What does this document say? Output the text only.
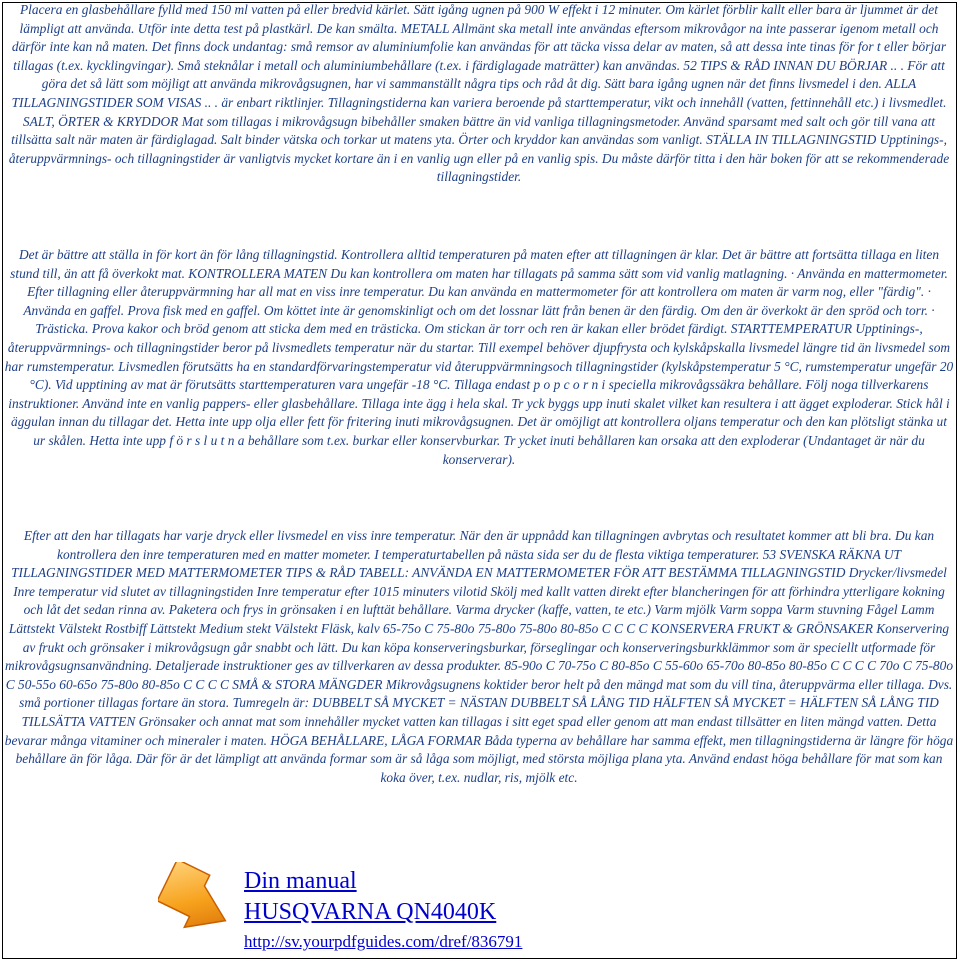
Placera en glasbehållare fylld med 150 ml vatten på eller bredvid kärlet. Sätt igång ugnen på 900 W effekt i 12 minuter. Om kärlet förblir kallt eller bara är ljummet är det lämpligt att använda. Utför inte detta test på plastkärl. De kan smälta. METALL Allmänt ska metall inte användas eftersom mikrovågor na inte passerar igenom metall och därför inte kan nå maten. Det finns dock undantag: små remsor av aluminiumfolie kan användas för att täcka vissa delar av maten, så att dessa inte tinas för for t eller börjar tillagas (t.ex. kycklingvingar). Små steknålar i metall och aluminiumbehållare (t.ex. i färdiglagade maträtter) kan användas. 52 TIPS & RÅD INNAN DU BÖRJAR .. . För att göra det så lätt som möjligt att använda mikrovågsugnen, har vi sammanställt några tips och råd åt dig. Sätt bara igång ugnen när det finns livsmedel i den. ALLA TILLAGNINGSTIDER SOM VISAS .. . är enbart riktlinjer. Tillagningstiderna kan variera beroende på starttemperatur, vikt och innehåll (vatten, fettinnehåll etc.) i livsmedlet. SALT, ÖRTER & KRYDDOR Mat som tillagas i mikrovågsugn bibehåller smaken bättre än vid vanliga tillagningsmetoder. Använd sparsamt med salt och gör till vana att tillsätta salt när maten är färdiglagad. Salt binder vätska och torkar ut matens yta. Örter och kryddor kan användas som vanligt. STÄLLA IN TILLAGNINGSTID Upptinings-, återuppvärmnings- och tillagningstider är vanligtvis mycket kortare än i en vanlig ugn eller på en vanlig spis. Du måste därför titta i den här boken för att se rekommenderade tillagningstider.

Det är bättre att ställa in för kort än för lång tillagningstid. Kontrollera alltid temperaturen på maten efter att tillagningen är klar. Det är bättre att fortsätta tillaga en liten stund till, än att få överkokt mat. KONTROLLERA MATEN Du kan kontrollera om maten har tillagats på samma sätt som vid vanlig matlagning. · Använda en mattermometer. Efter tillagning eller återuppvärmning har all mat en viss inre temperatur. Du kan använda en mattermometer för att kontrollera om maten är varm nog, eller "färdig". · Använda en gaffel. Prova fisk med en gaffel. Om köttet inte är genomskinligt och om det lossnar lätt från benen är den färdig. Om den är överkokt är den spröd och torr. · Trästicka. Prova kakor och bröd genom att sticka dem med en trästicka. Om stickan är torr och ren är kakan eller brödet färdigt. STARTTEMPERATUR Upptinings-, återuppvärmnings- och tillagningstider beror på livsmedlets temperatur när du startar. Till exempel behöver djupfrysta och kylskåpskalla livsmedel längre tid än livsmedel som har rumstemperatur. Livsmedlen förutsätts ha en standardförvaringstemperatur vid återuppvärmningsoch tillagningstider (kylskåpstemperatur 5 °C, rumstemperatur ungefär 20 °C). Vid upptining av mat är förutsätts starttemperaturen vara ungefär -18 °C. Tillaga endast p o p c o r n i speciella mikrovågssäkra behållare. Följ noga tillverkarens instruktioner. Använd inte en vanlig pappers- eller glasbehållare. Tillaga inte ägg i hela skal. Tr yck byggs upp inuti skalet vilket kan resultera i att ägget exploderar. Stick hål i äggulan innan du tillagar det. Hetta inte upp olja eller fett för fritering inuti mikrovågsugnen. Det är omöjligt att kontrollera oljans temperatur och den kan plötsligt stänka ut ur skålen. Hetta inte upp f ö r s l u t n a behållare som t.ex. burkar eller konservburkar. Tr ycket inuti behållaren kan orsaka att den exploderar (Undantaget är när du konserverar).

Efter att den har tillagats har varje dryck eller livsmedel en viss inre temperatur. När den är uppnådd kan tillagningen avbrytas och resultatet kommer att bli bra. Du kan kontrollera den inre temperaturen med en matter mometer. I temperaturtabellen på nästa sida ser du de flesta viktiga temperaturer. 53 SVENSKA RÄKNA UT TILLAGNINGSTIDER MED MATTERMOMETER TIPS & RÅD TABELL: ANVÄNDA EN MATTERMOMETER FÖR ATT BESTÄMMA TILLAGNINGSTID Drycker/livsmedel Inre temperatur vid slutet av tillagningstiden Inre temperatur efter 1015 minuters vilotid Skölj med kallt vatten direkt efter blancheringen för att förhindra ytterligare kokning och låt det sedan rinna av. Paketera och frys in grönsaken i en lufttät behållare. Varma drycker (kaffe, vatten, te etc.) Varm mjölk Varm soppa Varm stuvning Fågel Lamm Lättstekt Välstekt Rostbiff Lättstekt Medium stekt Välstekt Fläsk, kalv 65-75o C 75-80o 75-80o 75-80o 80-85o C C C C KONSERVERA FRUKT & GRÖNSAKER Konservering av frukt och grönsaker i mikrovågsugn går snabbt och lätt. Du kan köpa konserveringsburkar, förseglingar och konserveringsburkklämmor som är speciellt utformade för mikrovågsugnsanvändning. Detaljerade instruktioner ges av tillverkaren av dessa produkter. 85-90o C 70-75o C 80-85o C 55-60o 65-70o 80-85o 80-85o C C C C 70o C 75-80o C 50-55o 60-65o 75-80o 80-85o C C C C SMÅ & STORA MÄNGDER Mikrovågsugnens koktider beror helt på den mängd mat som du vill tina, återuppvärma eller tillaga. Dvs. små portioner tillagas fortare än stora. Tumregeln är: DUBBELT SÅ MYCKET = NÄSTAN DUBBELT SÅ LÅNG TID HÄLFTEN SÅ MYCKET = HÄLFTEN SÅ LÅNG TID TILLSÄTTA VATTEN Grönsaker och annat mat som innehåller mycket vatten kan tillagas i sitt eget spad eller genom att man endast tillsätter en liten mängd vatten. Detta bevarar många vitaminer och mineraler i maten. HÖGA BEHÅLLARE, LÅGA FORMAR Båda typerna av behållare har samma effekt, men tillagningstiderna är längre för höga behållare än för låga. Där för är det lämpligt att använda formar som är så låga som möjligt, med största möjliga plana yta. Använd endast höga behållare för mat som kan koka över, t.ex. nudlar, ris, mjölk etc.

Din manual
HUSQVARNA QN4040K
http://sv.yourpdfguides.com/dref/836791
